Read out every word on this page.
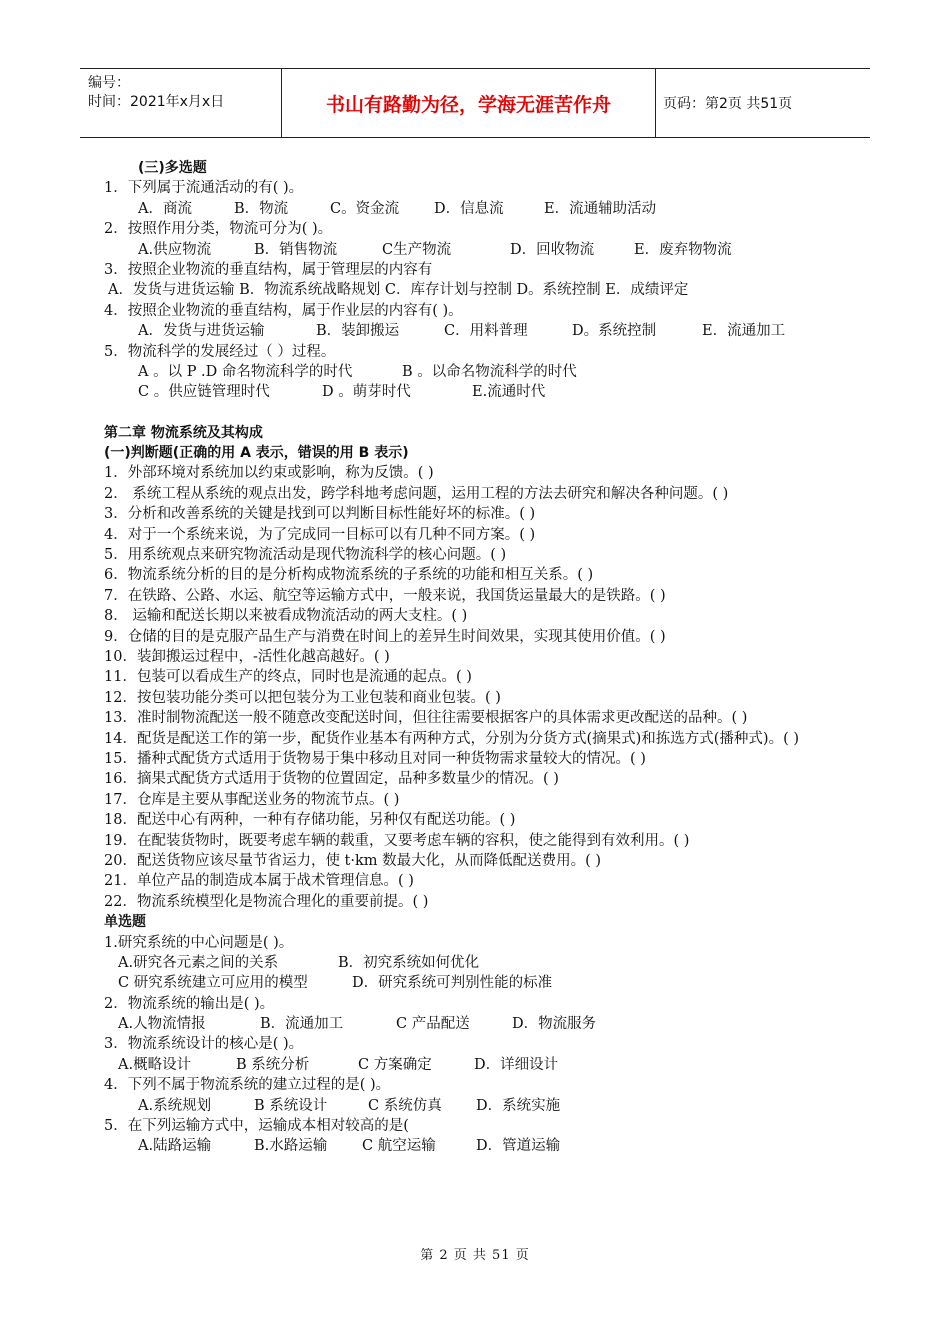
编号：
时间：2021年x月x日	书山有路勤为径，学海无涯苦作舟	页码：第2页 共51页
(三)多选题
1．下列属于流通活动的有( )。
A．商流	B．物流	C。资金流 D．信息流	E．流通辅助活动
2．按照作用分类，物流可分为( )。
A.供应物流	B．销售物流	C生产物流	D．回收物流	E．废弃物物流
3．按照企业物流的垂直结构，属于管理层的内容有
A．发货与进货运输 B．物流系统战略规划 C．库存计划与控制 D。系统控制 E．成绩评定
4．按照企业物流的垂直结构，属于作业层的内容有( )。
A．发货与进货运输	B．装卸搬运	C．用料普理	D。系统控制	E．流通加工
5．物流科学的发展经过（ ）过程。
A 。以 P .D 命名物流科学的时代	B 。以命名物流科学的时代
C 。供应链管理时代	D 。萌芽时代	E.流通时代
第二章 物流系统及其构成
(一)判断题(正确的用 A 表示，错误的用 B 表示)
1．外部环境对系统加以约束或影响，称为反馈。( )
2． 系统工程从系统的观点出发，跨学科地考虑问题，运用工程的方法去研究和解决各种问题。( )
3．分析和改善系统的关键是找到可以判断目标性能好坏的标准。( )
4．对于一个系统来说，为了完成同一目标可以有几种不同方案。( )
5．用系统观点来研究物流活动是现代物流科学的核心问题。( )
6．物流系统分析的目的是分析构成物流系统的子系统的功能和相互关系。( )
7．在铁路、公路、水运、航空等运输方式中，一般来说，我国货运量最大的是铁路。( )
8． 运输和配送长期以来被看成物流活动的两大支柱。( )
9．仓储的目的是克服产品生产与消费在时间上的差异生时间效果，实现其使用价值。( )
10．装卸搬运过程中，-活性化越高越好。( )
11．包装可以看成生产的终点，同时也是流通的起点。( )
12．按包装功能分类可以把包装分为工业包装和商业包装。( )
13．准时制物流配送一般不随意改变配送时间，但往往需要根据客户的具体需求更改配送的品种。( )
14．配货是配送工作的第一步，配货作业基本有两种方式，分别为分货方式(摘果式)和拣选方式(播种式)。( )
15．播种式配货方式适用于货物易于集中移动且对同一种货物需求量较大的情况。( )
16．摘果式配货方式适用于货物的位置固定，品种多数量少的情况。( )
17．仓库是主要从事配送业务的物流节点。( )
18．配送中心有两种，一种有存储功能，另种仅有配送功能。( )
19．在配装货物时，既要考虑车辆的载重，又要考虑车辆的容积，使之能得到有效利用。( )
20．配送货物应该尽量节省运力，使 t·km 数最大化，从而降低配送费用。( )
21．单位产品的制造成本属于战术管理信息。( )
22．物流系统模型化是物流合理化的重要前提。( )
单选题
1.研究系统的中心问题是( )。
A.研究各元素之间的关系	B．初究系统如何优化
C 研究系统建立可应用的模型	D．研究系统可判别性能的标准
2．物流系统的输出是( )。
A.人物流情报	B．流通加工	C 产品配送	D．物流服务
3．物流系统设计的核心是( )。
A.概略设计	B 系统分析	C 方案确定	D．详细设计
4．下列不属于物流系统的建立过程的是( )。
A.系统规划	B 系统设计	C 系统仿真 D．系统实施
5．在下列运输方式中，运输成本相对较高的是(
A.陆路运输	B.水路运输 C 航空运输	D．管道运输
第 2 页 共 51 页
